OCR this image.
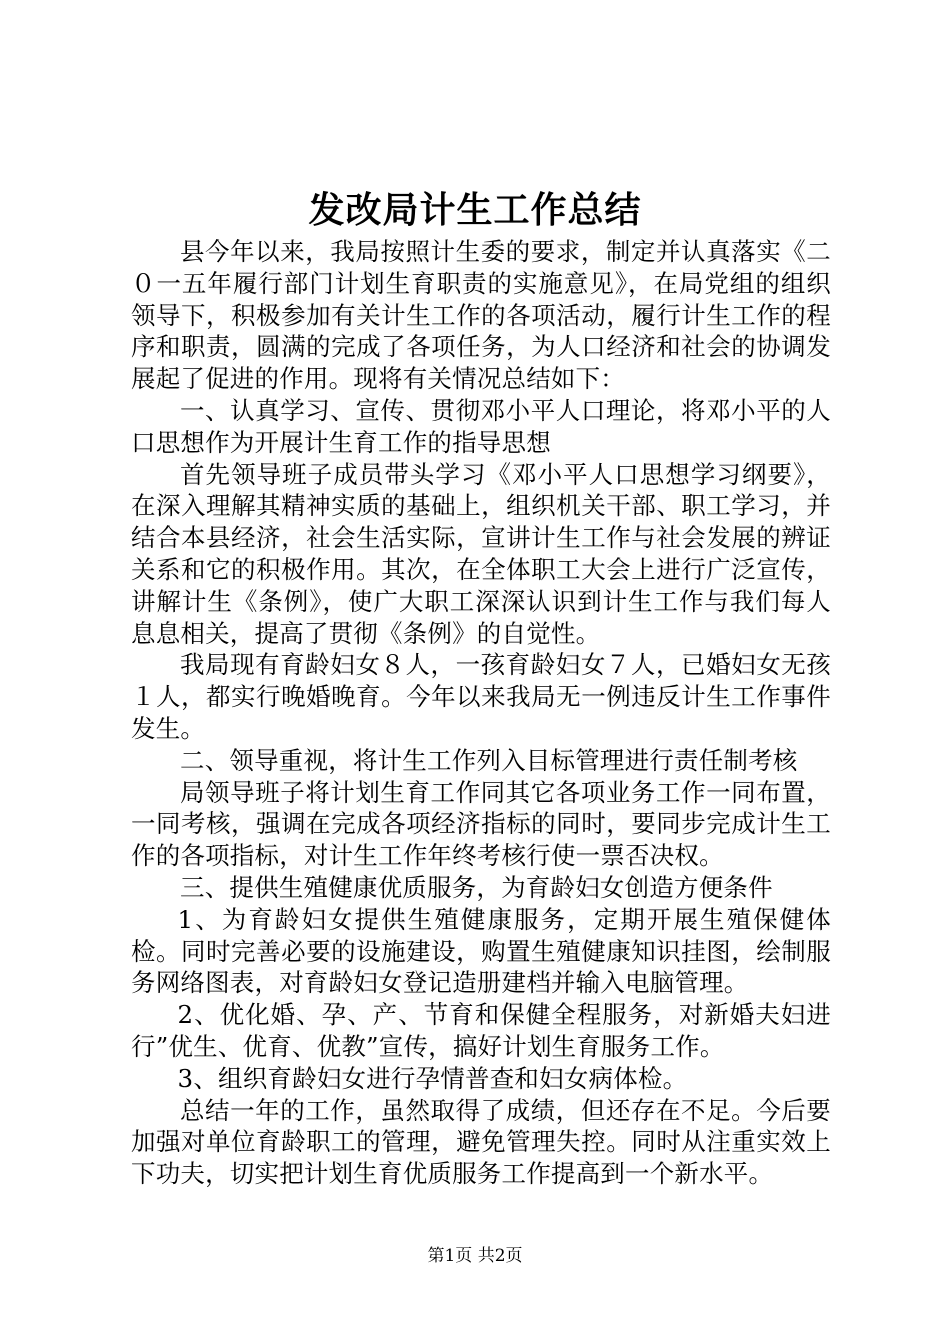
发改局计生工作总结

县今年以来，我局按照计生委的要求，制定并认真落实《二０一五年履行部门计划生育职责的实施意见》，在局党组的组织领导下，积极参加有关计生工作的各项活动，履行计生工作的程序和职责，圆满的完成了各项任务，为人口经济和社会的协调发展起了促进的作用。现将有关情况总结如下：

一、认真学习、宣传、贯彻邓小平人口理论，将邓小平的人口思想作为开展计生育工作的指导思想

首先领导班子成员带头学习《邓小平人口思想学习纲要》，在深入理解其精神实质的基础上，组织机关干部、职工学习，并结合本县经济，社会生活实际，宣讲计生工作与社会发展的辨证关系和它的积极作用。其次，在全体职工大会上进行广泛宣传，讲解计生《条例》，使广大职工深深认识到计生工作与我们每人息息相关，提高了贯彻《条例》的自觉性。

我局现有育龄妇女８人，一孩育龄妇女７人，已婚妇女无孩１人，都实行晚婚晚育。今年以来我局无一例违反计生工作事件发生。

二、领导重视，将计生工作列入目标管理进行责任制考核

局领导班子将计划生育工作同其它各项业务工作一同布置，一同考核，强调在完成各项经济指标的同时，要同步完成计生工作的各项指标，对计生工作年终考核行使一票否决权。

三、提供生殖健康优质服务，为育龄妇女创造方便条件

1、为育龄妇女提供生殖健康服务，定期开展生殖保健体检。同时完善必要的设施建设，购置生殖健康知识挂图，绘制服务网络图表，对育龄妇女登记造册建档并输入电脑管理。

2、优化婚、孕、产、节育和保健全程服务，对新婚夫妇进行”优生、优育、优教”宣传，搞好计划生育服务工作。

3、组织育龄妇女进行孕情普查和妇女病体检。

总结一年的工作，虽然取得了成绩，但还存在不足。今后要加强对单位育龄职工的管理，避免管理失控。同时从注重实效上下功夫，切实把计划生育优质服务工作提高到一个新水平。

第1页 共2页
